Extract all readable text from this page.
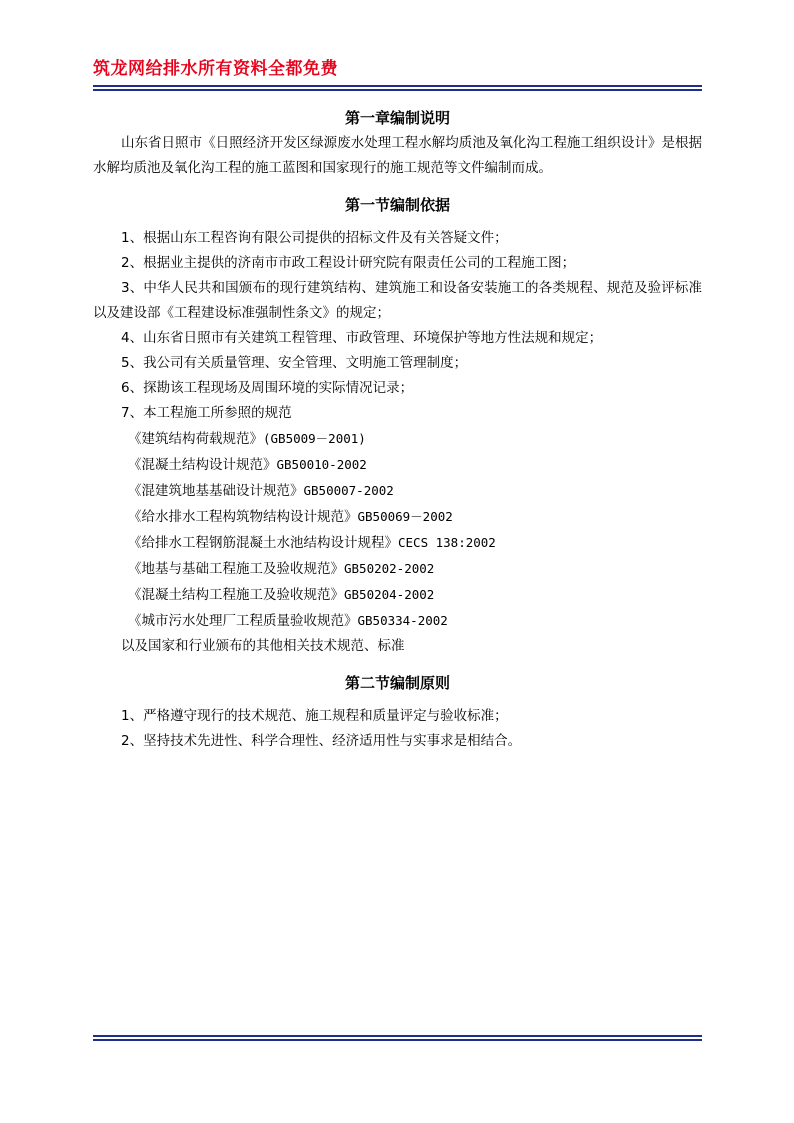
筑龙网给排水所有资料全都免费

第一章编制说明

山东省日照市《日照经济开发区绿源废水处理工程水解均质池及氧化沟工程施工组织设计》是根据水解均质池及氧化沟工程的施工蓝图和国家现行的施工规范等文件编制而成。

第一节编制依据

1、根据山东工程咨询有限公司提供的招标文件及有关答疑文件；

2、根据业主提供的济南市市政工程设计研究院有限责任公司的工程施工图；

3、中华人民共和国颁布的现行建筑结构、建筑施工和设备安装施工的各类规程、规范及验评标准以及建设部《工程建设标准强制性条文》的规定；

4、山东省日照市有关建筑工程管理、市政管理、环境保护等地方性法规和规定；

5、我公司有关质量管理、安全管理、文明施工管理制度；

6、探勘该工程现场及周围环境的实际情况记录；

7、本工程施工所参照的规范

《建筑结构荷载规范》(GB5009－2001)

《混凝土结构设计规范》GB50010-2002

《混建筑地基基础设计规范》GB50007-2002

《给水排水工程构筑物结构设计规范》GB50069－2002

《给排水工程钢筋混凝土水池结构设计规程》CECS 138:2002

《地基与基础工程施工及验收规范》GB50202-2002

《混凝土结构工程施工及验收规范》GB50204-2002

《城市污水处理厂工程质量验收规范》GB50334-2002

以及国家和行业颁布的其他相关技术规范、标准

第二节编制原则

1、严格遵守现行的技术规范、施工规程和质量评定与验收标准；

2、坚持技术先进性、科学合理性、经济适用性与实事求是相结合。
